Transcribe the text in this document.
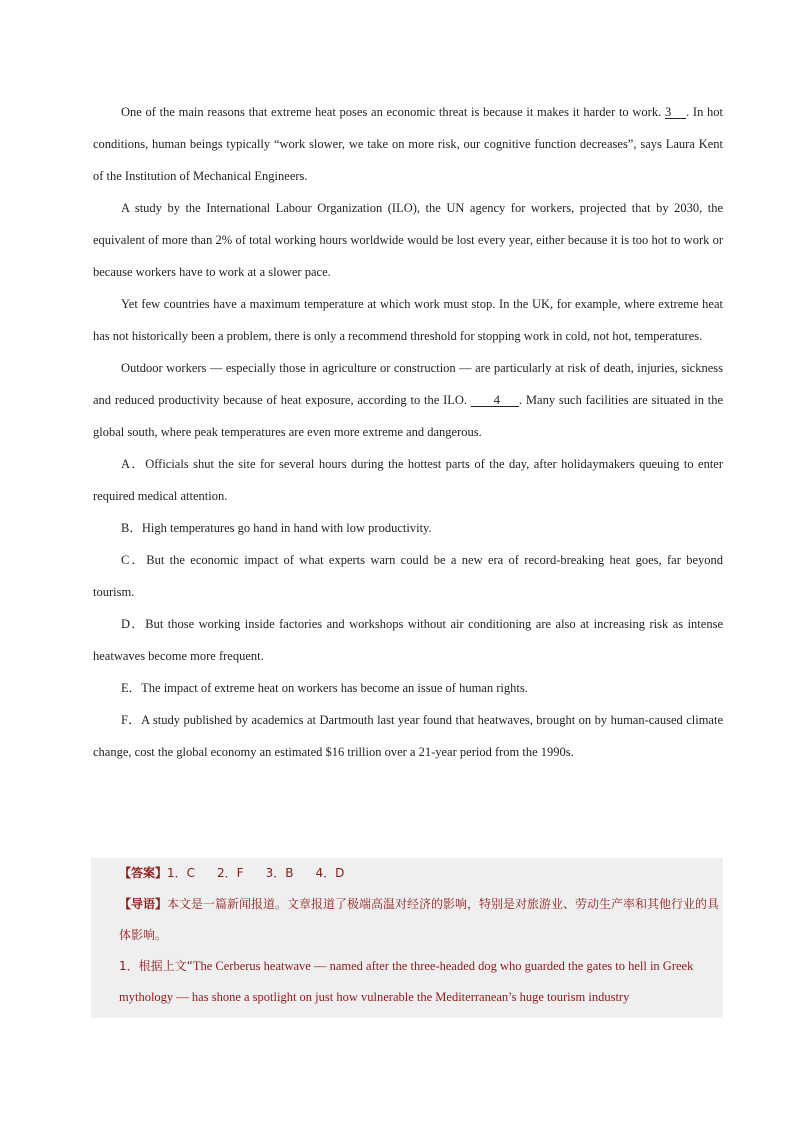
One of the main reasons that extreme heat poses an economic threat is because it makes it harder to work. 3    . In hot conditions, human beings typically “work slower, we take on more risk, our cognitive function decreases”, says Laura Kent of the Institution of Mechanical Engineers.

A study by the International Labour Organization (ILO), the UN agency for workers, projected that by 2030, the equivalent of more than 2% of total working hours worldwide would be lost every year, either because it is too hot to work or because workers have to work at a slower pace.

Yet few countries have a maximum temperature at which work must stop. In the UK, for example, where extreme heat has not historically been a problem, there is only a recommend threshold for stopping work in cold, not hot, temperatures.

Outdoor workers — especially those in agriculture or construction — are particularly at risk of death, injuries, sickness and reduced productivity because of heat exposure, according to the ILO.       4     . Many such facilities are situated in the global south, where peak temperatures are even more extreme and dangerous.

A．Officials shut the site for several hours during the hottest parts of the day, after holidaymakers queuing to enter required medical attention.

B．High temperatures go hand in hand with low productivity.

C．But the economic impact of what experts warn could be a new era of record-breaking heat goes, far beyond tourism.

D．But those working inside factories and workshops without air conditioning are also at increasing risk as intense heatwaves become more frequent.

E．The impact of extreme heat on workers has become an issue of human rights.

F．A study published by academics at Dartmouth last year found that heatwaves, brought on by human-caused climate change, cost the global economy an estimated $16 trillion over a 21-year period from the 1990s.

【答案】1．C 2．F 3．B 4．D

【导语】本文是一篇新闻报道。文章报道了极端高温对经济的影响，特别是对旅游业、劳动生产率和其他行业的具体影响。

1．根据上文“The Cerberus heatwave — named after the three-headed dog who guarded the gates to hell in Greek mythology — has shone a spotlight on just how vulnerable the Mediterranean’s huge tourism industry
